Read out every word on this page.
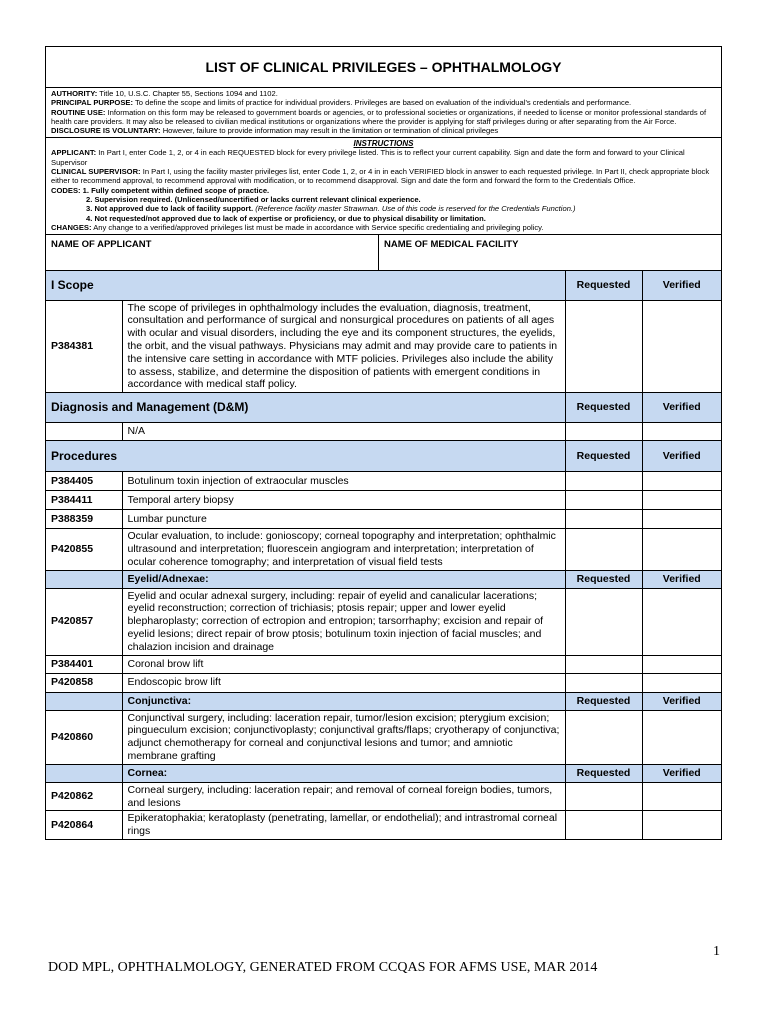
LIST OF CLINICAL PRIVILEGES – OPHTHALMOLOGY
AUTHORITY: Title 10, U.S.C. Chapter 55, Sections 1094 and 1102.
PRINCIPAL PURPOSE: To define the scope and limits of practice for individual providers. Privileges are based on evaluation of the individual's credentials and performance.
ROUTINE USE: Information on this form may be released to government boards or agencies, or to professional societies or organizations, if needed to license or monitor professional standards of health care providers. It may also be released to civilian medical institutions or organizations where the provider is applying for staff privileges during or after separating from the Air Force.
DISCLOSURE IS VOLUNTARY: However, failure to provide information may result in the limitation or termination of clinical privileges
INSTRUCTIONS
APPLICANT: In Part I, enter Code 1, 2, or 4 in each REQUESTED block for every privilege listed. This is to reflect your current capability. Sign and date the form and forward to your Clinical Supervisor
CLINICAL SUPERVISOR: In Part I, using the facility master privileges list, enter Code 1, 2, or 4 in in each VERIFIED block in answer to each requested privilege. In Part II, check appropriate block either to recommend approval, to recommend approval with modification, or to recommend disapproval. Sign and date the form and forward the form to the Credentials Office.
CODES: 1. Fully competent within defined scope of practice.
2. Supervision required. (Unlicensed/uncertified or lacks current relevant clinical experience.
3. Not approved due to lack of facility support. (Reference facility master Strawman. Use of this code is reserved for the Credentials Function.)
4. Not requested/not approved due to lack of expertise or proficiency, or due to physical disability or limitation.
CHANGES: Any change to a verified/approved privileges list must be made in accordance with Service specific credentialing and privileging policy.
NAME OF APPLICANT	NAME OF MEDICAL FACILITY
I Scope		Requested	Verified
P384381	The scope of privileges in ophthalmology includes the evaluation, diagnosis, treatment, consultation and performance of surgical and nonsurgical procedures on patients of all ages with ocular and visual disorders, including the eye and its component structures, the eyelids, the orbit, and the visual pathways. Physicians may admit and may provide care to patients in the intensive care setting in accordance with MTF policies. Privileges also include the ability to assess, stabilize, and determine the disposition of patients with emergent conditions in accordance with medical staff policy.		
Diagnosis and Management (D&M)		Requested	Verified
	N/A		
Procedures		Requested	Verified
P384405	Botulinum toxin injection of extraocular muscles		
P384411	Temporal artery biopsy		
P388359	Lumbar puncture		
P420855	Ocular evaluation, to include: gonioscopy; corneal topography and interpretation; ophthalmic ultrasound and interpretation; fluorescein angiogram and interpretation; interpretation of ocular coherence tomography; and interpretation of visual field tests		
	Eyelid/Adnexae:	Requested	Verified
P420857	Eyelid and ocular adnexal surgery, including: repair of eyelid and canalicular lacerations; eyelid reconstruction; correction of trichiasis; ptosis repair; upper and lower eyelid blepharoplasty; correction of ectropion and entropion; tarsorrhaphy; excision and repair of eyelid lesions; direct repair of brow ptosis; botulinum toxin injection of facial muscles; and chalazion incision and drainage		
P384401	Coronal brow lift		
P420858	Endoscopic brow lift		
	Conjunctiva:	Requested	Verified
P420860	Conjunctival surgery, including: laceration repair, tumor/lesion excision; pterygium excision; pingueculum excision; conjunctivoplasty; conjunctival grafts/flaps; cryotherapy of conjunctiva; adjunct chemotherapy for corneal and conjunctival lesions and tumor; and amniotic membrane grafting		
	Cornea:	Requested	Verified
P420862	Corneal surgery, including: laceration repair; and removal of corneal foreign bodies, tumors, and lesions		
P420864	Epikeratophakia; keratoplasty (penetrating, lamellar, or endothelial); and intrastromal corneal rings		
1
DOD MPL, OPHTHALMOLOGY, GENERATED FROM CCQAS FOR AFMS USE, MAR 2014
